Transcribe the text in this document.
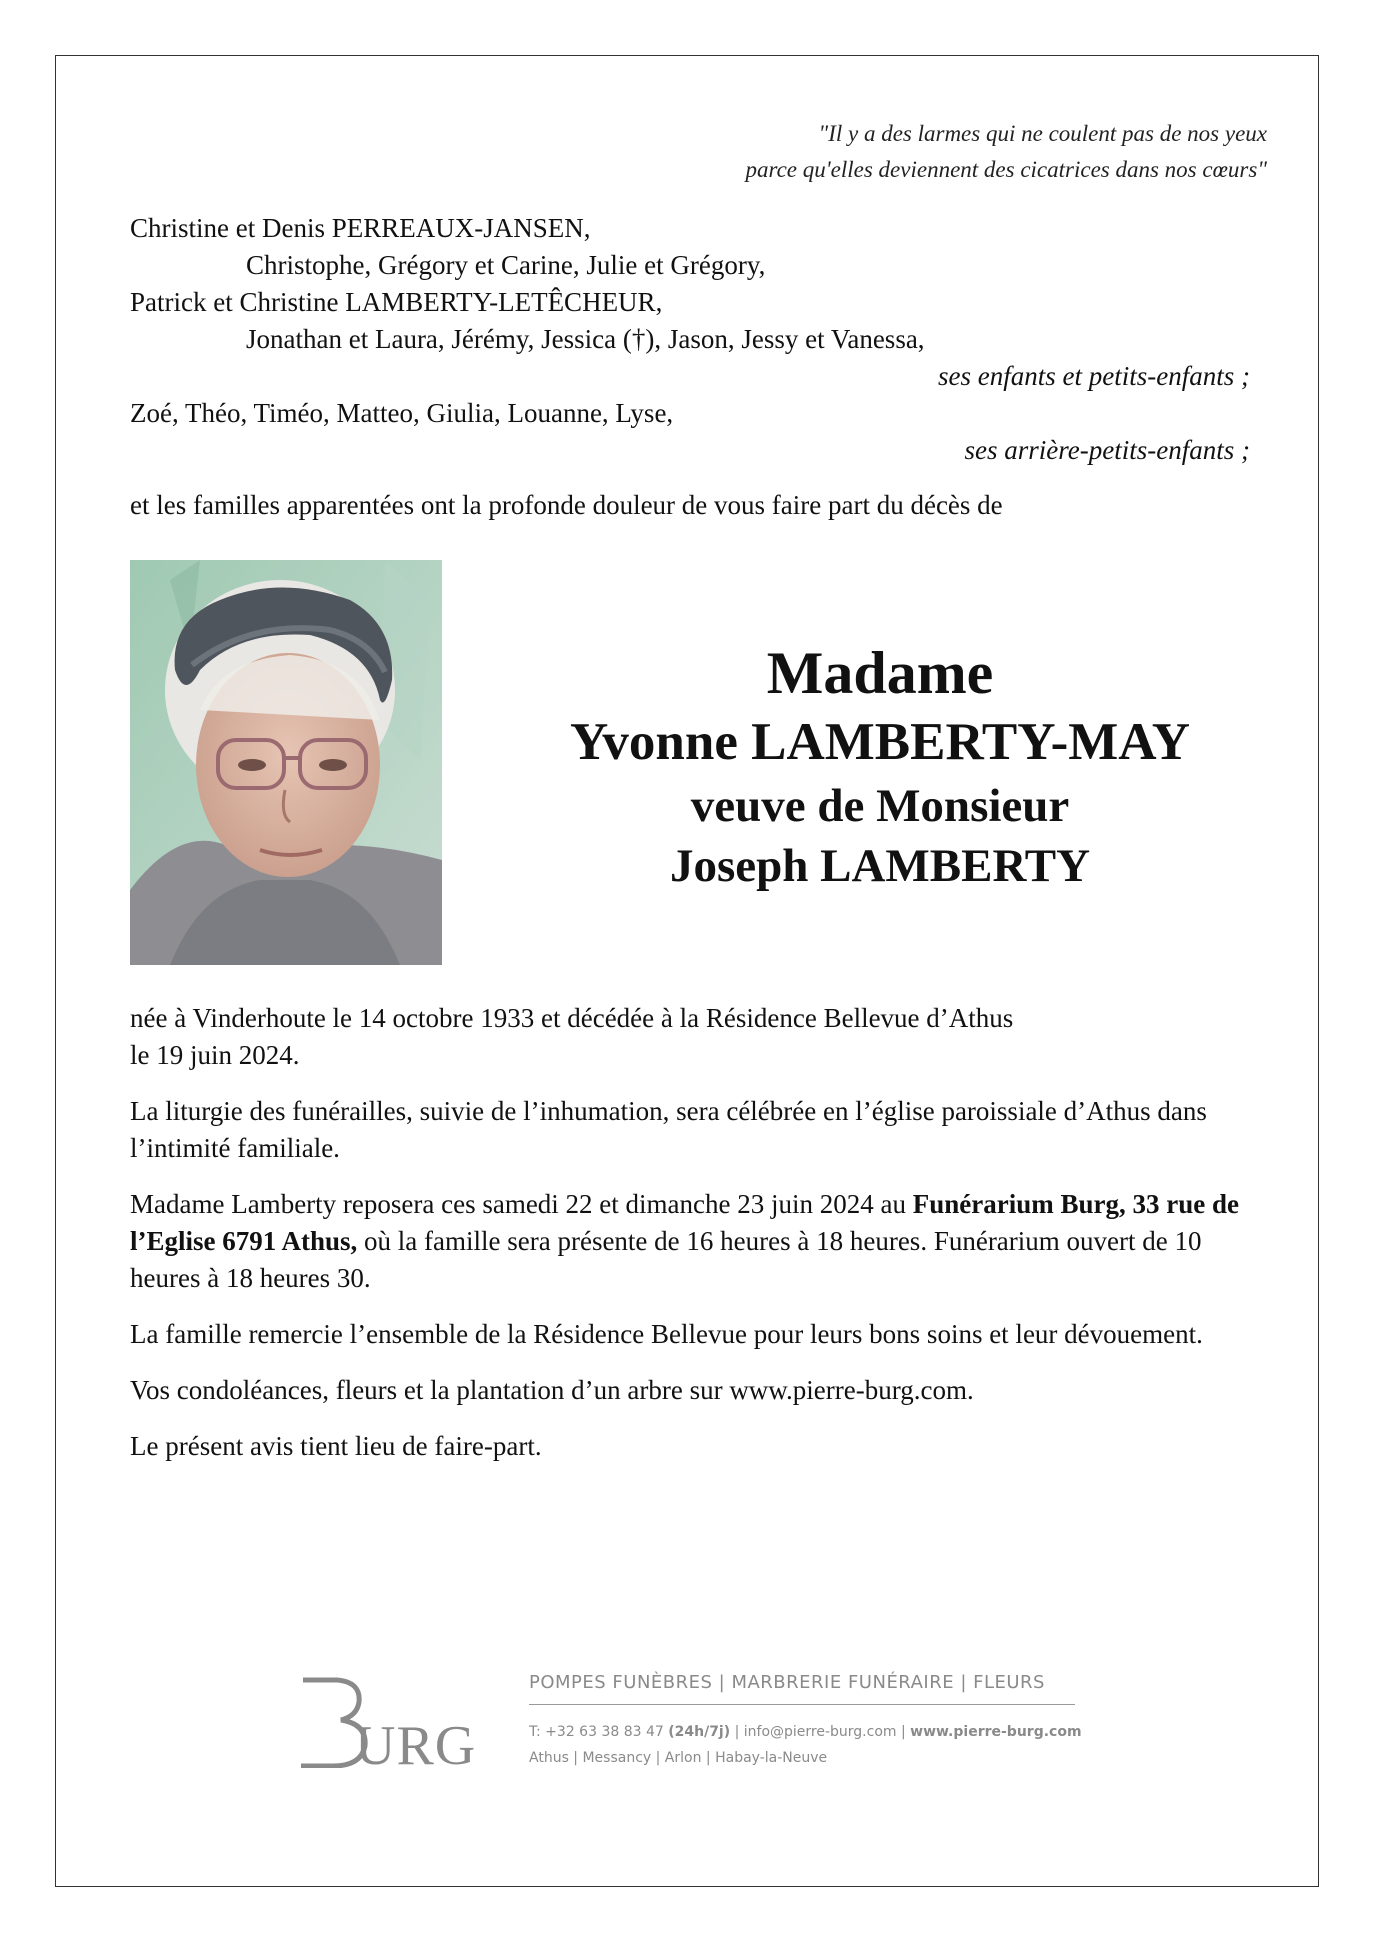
"Il y a des larmes qui ne coulent pas de nos yeux
parce qu'elles deviennent des cicatrices dans nos cœurs"
Christine et Denis PERREAUX-JANSEN,
Christophe, Grégory et Carine, Julie et Grégory,
Patrick et Christine LAMBERTY-LETÊCHEUR,
Jonathan et Laura, Jérémy, Jessica (†), Jason, Jessy et Vanessa,
ses enfants et petits-enfants ;
Zoé, Théo, Timéo, Matteo, Giulia, Louanne, Lyse,
ses arrière-petits-enfants ;
et les familles apparentées ont la profonde douleur de vous faire part du décès de
Madame
Yvonne LAMBERTY-MAY
veuve de Monsieur
Joseph LAMBERTY

née à Vinderhoute le 14 octobre 1933 et décédée à la Résidence Bellevue d’Athus
le 19 juin 2024.

La liturgie des funérailles, suivie de l’inhumation, sera célébrée en l’église paroissiale d’Athus dans l’intimité familiale.

Madame Lamberty reposera ces samedi 22 et dimanche 23 juin 2024 au Funérarium Burg, 33 rue de l’Eglise 6791 Athus, où la famille sera présente de 16 heures à 18 heures. Funérarium ouvert de 10 heures à 18 heures 30.

La famille remercie l’ensemble de la Résidence Bellevue pour leurs bons soins et leur dévouement.

Vos condoléances, fleurs et la plantation d’un arbre sur www.pierre-burg.com.

Le présent avis tient lieu de faire-part.

URG
POMPES FUNÈBRES | MARBRERIE FUNÉRAIRE | FLEURS
T: +32 63 38 83 47 (24h/7j) | info@pierre-burg.com | www.pierre-burg.com
Athus | Messancy | Arlon | Habay-la-Neuve
